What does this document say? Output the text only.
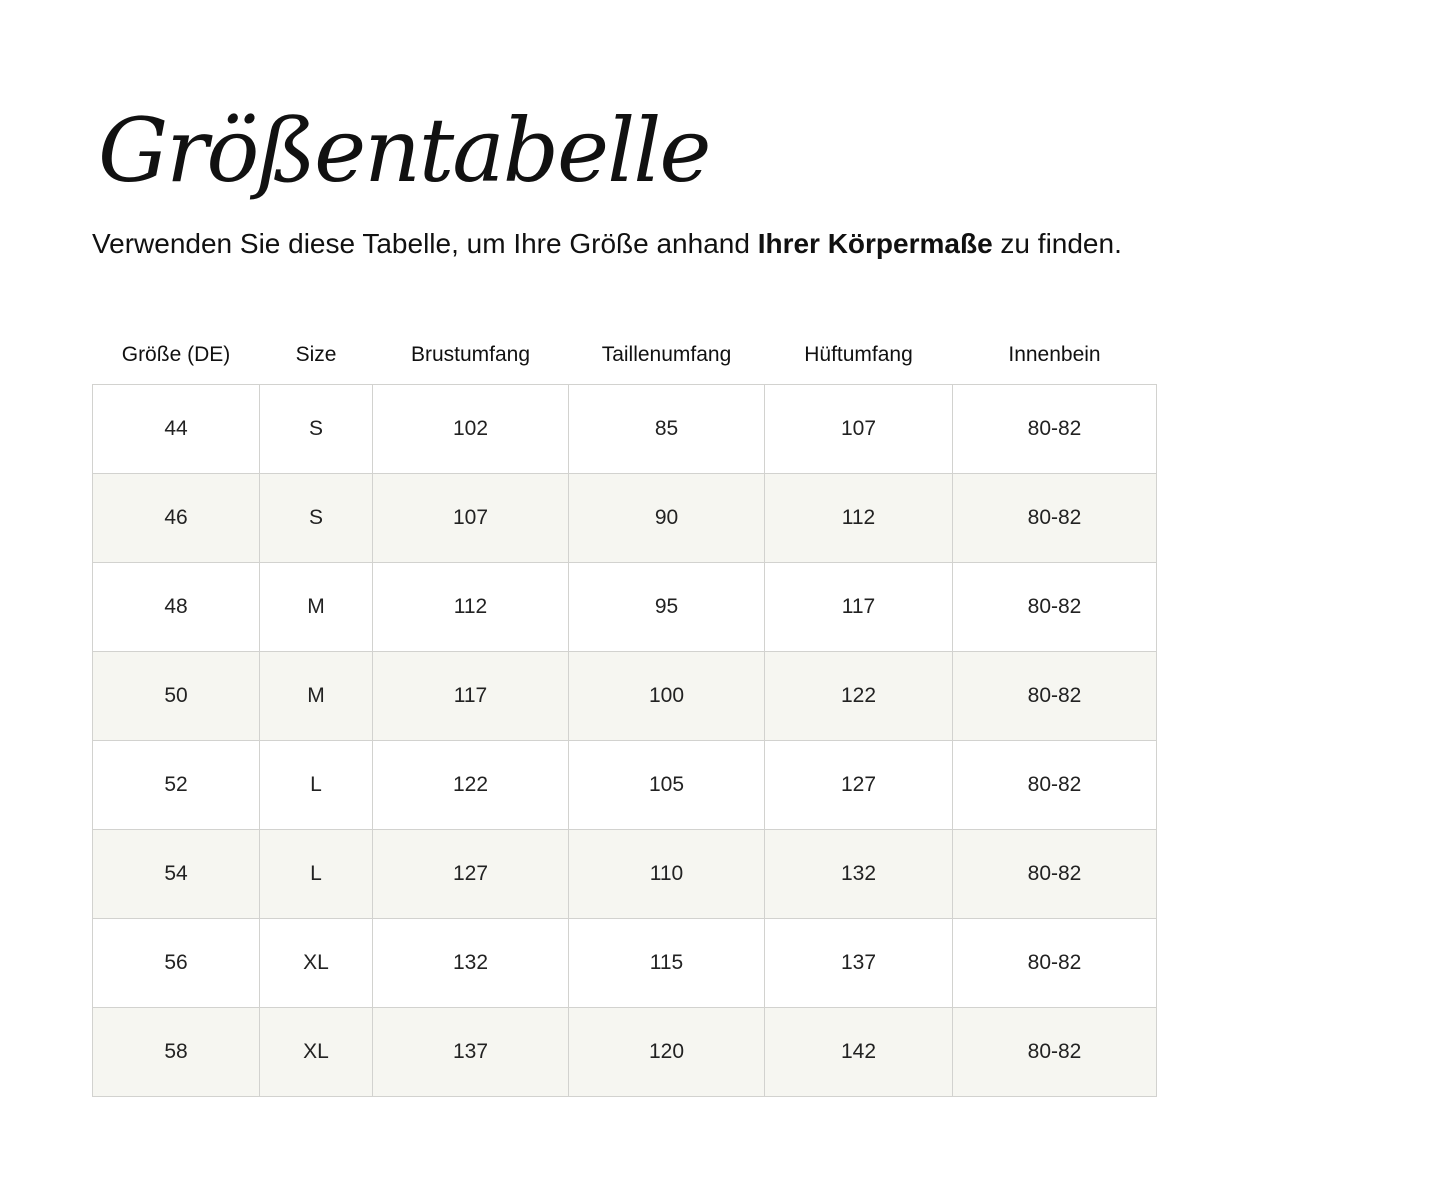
Größentabelle

Verwenden Sie diese Tabelle, um Ihre Größe anhand Ihrer Körpermaße zu finden.

Größe (DE)	Size	Brustumfang	Taillenumfang	Hüftumfang	Innenbein
44	S	102	85	107	80-82
46	S	107	90	112	80-82
48	M	112	95	117	80-82
50	M	117	100	122	80-82
52	L	122	105	127	80-82
54	L	127	110	132	80-82
56	XL	132	115	137	80-82
58	XL	137	120	142	80-82
